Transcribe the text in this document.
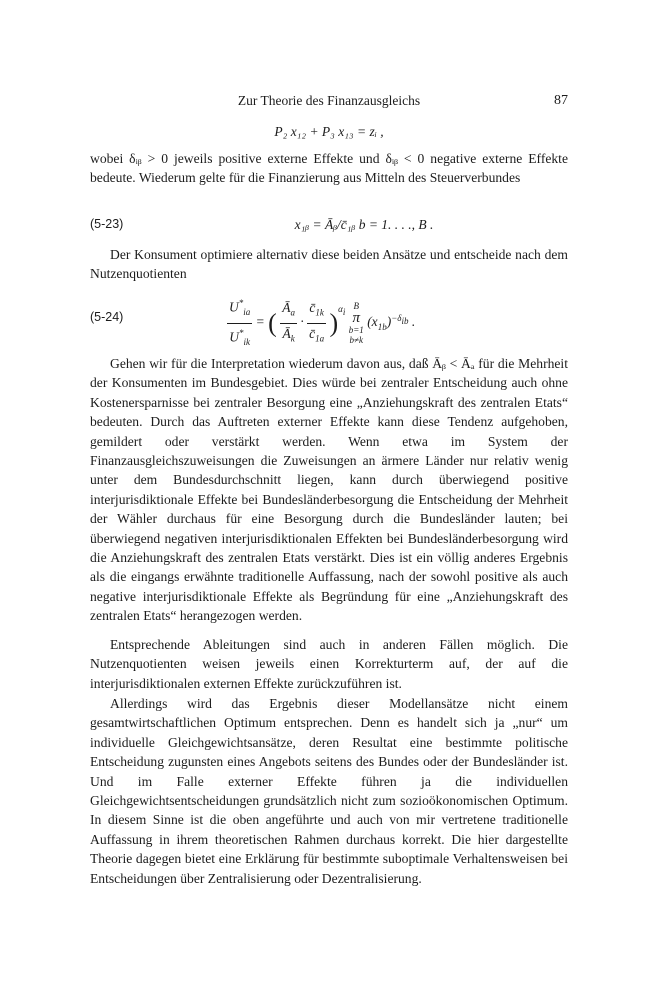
Zur Theorie des Finanzausgleichs	87
P₂ x₁₂ + P₃ x₁₃ = zᵢ ,

wobei δᵢᵦ > 0 jeweils positive externe Effekte und δᵢᵦ < 0 negative externe Effekte bedeute. Wiederum gelte für die Finanzierung aus Mitteln des Steuerverbundes

(5-23)	x₁ᵦ = Āᵦ/c̄₁ᵦ b = 1. . . ., B .

Der Konsument optimiere alternativ diese beiden Ansätze und entscheide nach dem Nutzenquotienten

(5-24)	$\frac{U^*_{ia}}{U^*_{ik}}$ = ( $\frac{Ā_a}{Ā_k} \cdot \frac{c̄_{1k}}{c̄_{1a}} )^{\alpha_i}$
B
π
b=1
b≠k
$(x_{1b})^{-\delta_{ib}}$ .

Gehen wir für die Interpretation wiederum davon aus, daß Āᵦ < Āₐ für die Mehrheit der Konsumenten im Bundesgebiet. Dies würde bei zentraler Entscheidung auch ohne Kostenersparnisse bei zentraler Besorgung eine „Anziehungskraft des zentralen Etats“ bedeuten. Durch das Auftreten externer Effekte kann diese Tendenz aufgehoben, gemildert oder verstärkt werden. Wenn etwa im System der Finanzausgleichszuweisungen die Zuweisungen an ärmere Länder nur relativ wenig unter dem Bundesdurchschnitt liegen, kann durch überwiegend positive interjurisdiktionale Effekte bei Bundesländerbesorgung die Entscheidung der Mehrheit der Wähler durchaus für eine Besorgung durch die Bundesländer lauten; bei überwiegend negativen interjurisdiktionalen Effekten bei Bundesländerbesorgung wird die Anziehungskraft des zentralen Etats verstärkt. Dies ist ein völlig anderes Ergebnis als die eingangs erwähnte traditionelle Auffassung, nach der sowohl positive als auch negative interjurisdiktionale Effekte als Begründung für eine „Anziehungskraft des zentralen Etats“ herangezogen werden.

Entsprechende Ableitungen sind auch in anderen Fällen möglich. Die Nutzenquotienten weisen jeweils einen Korrekturterm auf, der auf die interjurisdiktionalen externen Effekte zurückzuführen ist.

Allerdings wird das Ergebnis dieser Modellansätze nicht einem gesamtwirtschaftlichen Optimum entsprechen. Denn es handelt sich ja „nur“ um individuelle Gleichgewichtsansätze, deren Resultat eine bestimmte politische Entscheidung zugunsten eines Angebots seitens des Bundes oder der Bundesländer ist. Und im Falle externer Effekte führen ja die individuellen Gleichgewichtsentscheidungen grundsätzlich nicht zum sozioökonomischen Optimum. In diesem Sinne ist die oben angeführte und auch von mir vertretene traditionelle Auffassung in ihrem theoretischen Rahmen durchaus korrekt. Die hier dargestellte Theorie dagegen bietet eine Erklärung für bestimmte suboptimale Verhaltensweisen bei Entscheidungen über Zentralisierung oder Dezentralisierung.
